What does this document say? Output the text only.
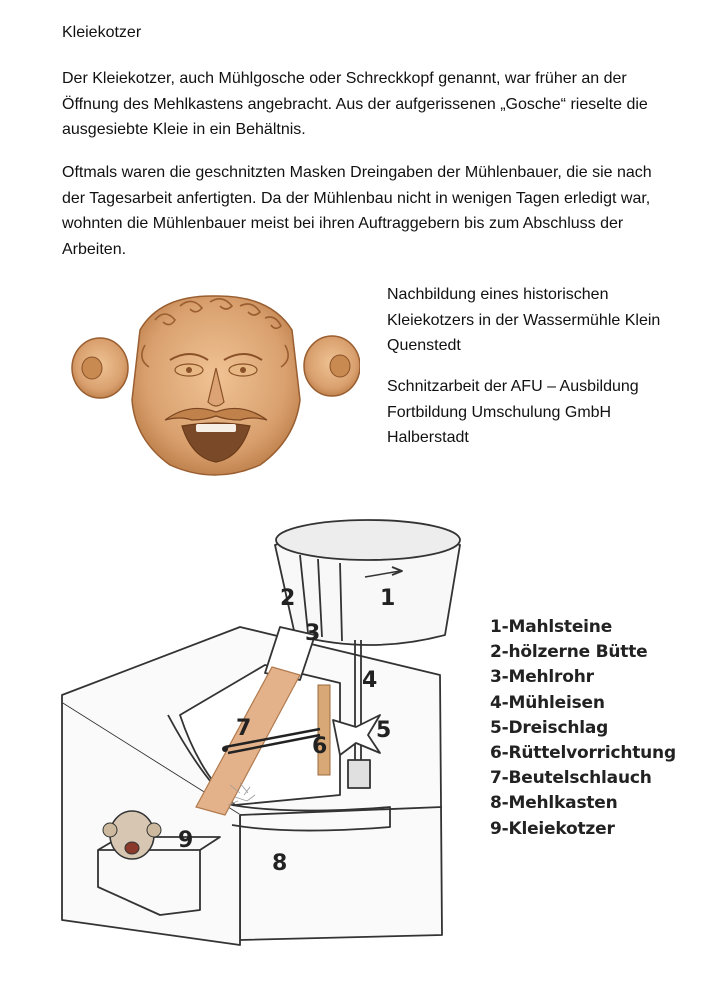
Kleiekotzer

Der Kleiekotzer, auch Mühlgosche oder Schreckkopf genannt, war früher an der Öffnung des Mehlkastens angebracht. Aus der aufgerissenen „Gosche“ rieselte die ausgesiebte Kleie in ein Behältnis.

Oftmals waren die geschnitzten Masken Dreingaben der Mühlenbauer, die sie nach der Tagesarbeit anfertigten. Da der Mühlenbau nicht in wenigen Tagen erledigt war, wohnten die Mühlenbauer meist bei ihren Auftraggebern bis zum Abschluss der Arbeiten.

Nachbildung eines historischen Kleiekotzers in der Wassermühle Klein Quenstedt

Schnitzarbeit der AFU – Ausbildung Fortbildung Umschulung GmbH Halberstadt

1
2
3
4
5
6
7
8
9
1-Mahlsteine
2-hölzerne Bütte
3-Mehlrohr
4-Mühleisen
5-Dreischlag
6-Rüttelvorrichtung
7-Beutelschlauch
8-Mehlkasten
9-Kleiekotzer
